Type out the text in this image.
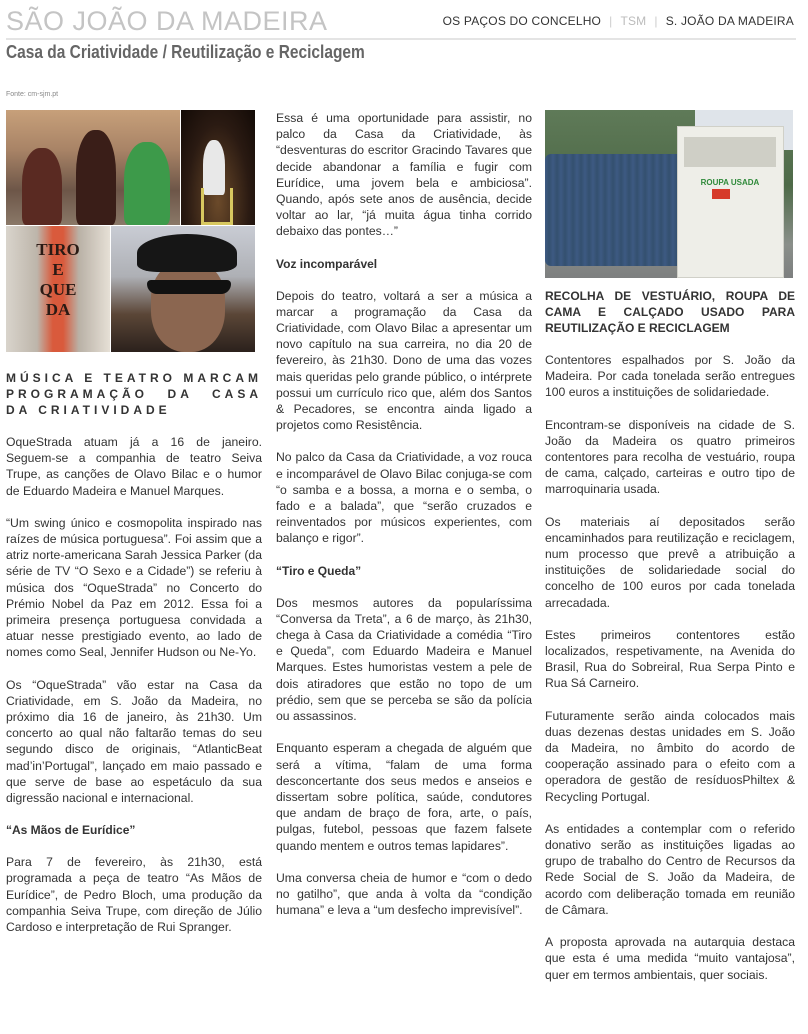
SÃO JOÃO DA MADEIRA	OS PAÇOS DO CONCELHO | TSM | S. JOÃO DA MADEIRA
Casa da Criatividade / Reutilização e Reciclagem
Fonte: cm-sjm.pt
TIRO E QUE DA
MÚSICA E TEATRO MARCAM PROGRAMAÇÃO DA CASA DA CRIATIVIDADE

OqueStrada atuam já a 16 de janeiro. Seguem-se a companhia de teatro Seiva Trupe, as canções de Olavo Bilac e o humor de Eduardo Madeira e Manuel Marques.

“Um swing único e cosmopolita inspirado nas raízes de música portuguesa”. Foi assim que a atriz norte-americana Sarah Jessica Parker (da série de TV “O Sexo e a Cidade”) se referiu à música dos “OqueStrada” no Concerto do Prémio Nobel da Paz em 2012. Essa foi a primeira presença portuguesa convidada a atuar nesse prestigiado evento, ao lado de nomes como Seal, Jennifer Hudson ou Ne-Yo.

Os “OqueStrada” vão estar na Casa da Criatividade, em S. João da Madeira, no próximo dia 16 de janeiro, às 21h30. Um concerto ao qual não faltarão temas do seu segundo disco de originais, “AtlanticBeat mad’in’Portugal”, lançado em maio passado e que serve de base ao espetáculo da sua digressão nacional e internacional.

“As Mãos de Eurídice”

Para 7 de fevereiro, às 21h30, está programada a peça de teatro “As Mãos de Eurídice”, de Pedro Bloch, uma produção da companhia Seiva Trupe, com direção de Júlio Cardoso e interpretação de Rui Spranger.

Essa é uma oportunidade para assistir, no palco da Casa da Criatividade, às “desventuras do escritor Gracindo Tavares que decide abandonar a família e fugir com Eurídice, uma jovem bela e ambiciosa”. Quando, após sete anos de ausência, decide voltar ao lar, “já muita água tinha corrido debaixo das pontes…”

Voz incomparável

Depois do teatro, voltará a ser a música a marcar a programação da Casa da Criatividade, com Olavo Bilac a apresentar um novo capítulo na sua carreira, no dia 20 de fevereiro, às 21h30. Dono de uma das vozes mais queridas pelo grande público, o intérprete possui um currículo rico que, além dos Santos & Pecadores, se encontra ainda ligado a projetos como Resistência.

No palco da Casa da Criatividade, a voz rouca e incomparável de Olavo Bilac conjuga-se com “o samba e a bossa, a morna e o semba, o fado e a balada”, que “serão cruzados e reinventados por músicos experientes, com balanço e rigor”.

“Tiro e Queda”

Dos mesmos autores da popularíssima “Conversa da Treta”, a 6 de março, às 21h30, chega à Casa da Criatividade a comédia “Tiro e Queda”, com Eduardo Madeira e Manuel Marques. Estes humoristas vestem a pele de dois atiradores que estão no topo de um prédio, sem que se perceba se são da polícia ou assassinos.

Enquanto esperam a chegada de alguém que será a vítima, “falam de uma forma desconcertante dos seus medos e anseios e dissertam sobre política, saúde, condutores que andam de braço de fora, arte, o país, pulgas, futebol, pessoas que fazem falsete quando mentem e outros temas lapidares”.

Uma conversa cheia de humor e “com o dedo no gatilho”, que anda à volta da “condição humana” e leva a “um desfecho imprevisível”.

ROUPA USADA
RECOLHA DE VESTUÁRIO, ROUPA DE CAMA E CALÇADO USADO PARA REUTILIZAÇÃO E RECICLAGEM

Contentores espalhados por S. João da Madeira. Por cada tonelada serão entregues 100 euros a instituições de solidariedade.

Encontram-se disponíveis na cidade de S. João da Madeira os quatro primeiros contentores para recolha de vestuário, roupa de cama, calçado, carteiras e outro tipo de marroquinaria usada.

Os materiais aí depositados serão encaminhados para reutilização e reciclagem, num processo que prevê a atribuição a instituições de solidariedade social do concelho de 100 euros por cada tonelada arrecadada.

Estes primeiros contentores estão localizados, respetivamente, na Avenida do Brasil, Rua do Sobreiral, Rua Serpa Pinto e Rua Sá Carneiro.

Futuramente serão ainda colocados mais duas dezenas destas unidades em S. João da Madeira, no âmbito do acordo de cooperação assinado para o efeito com a operadora de gestão de resíduosPhiltex & Recycling Portugal.

As entidades a contemplar com o referido donativo serão as instituições ligadas ao grupo de trabalho do Centro de Recursos da Rede Social de S. João da Madeira, de acordo com deliberação tomada em reunião de Câmara.

A proposta aprovada na autarquia destaca que esta é uma medida “muito vantajosa”, quer em termos ambientais, quer sociais.
